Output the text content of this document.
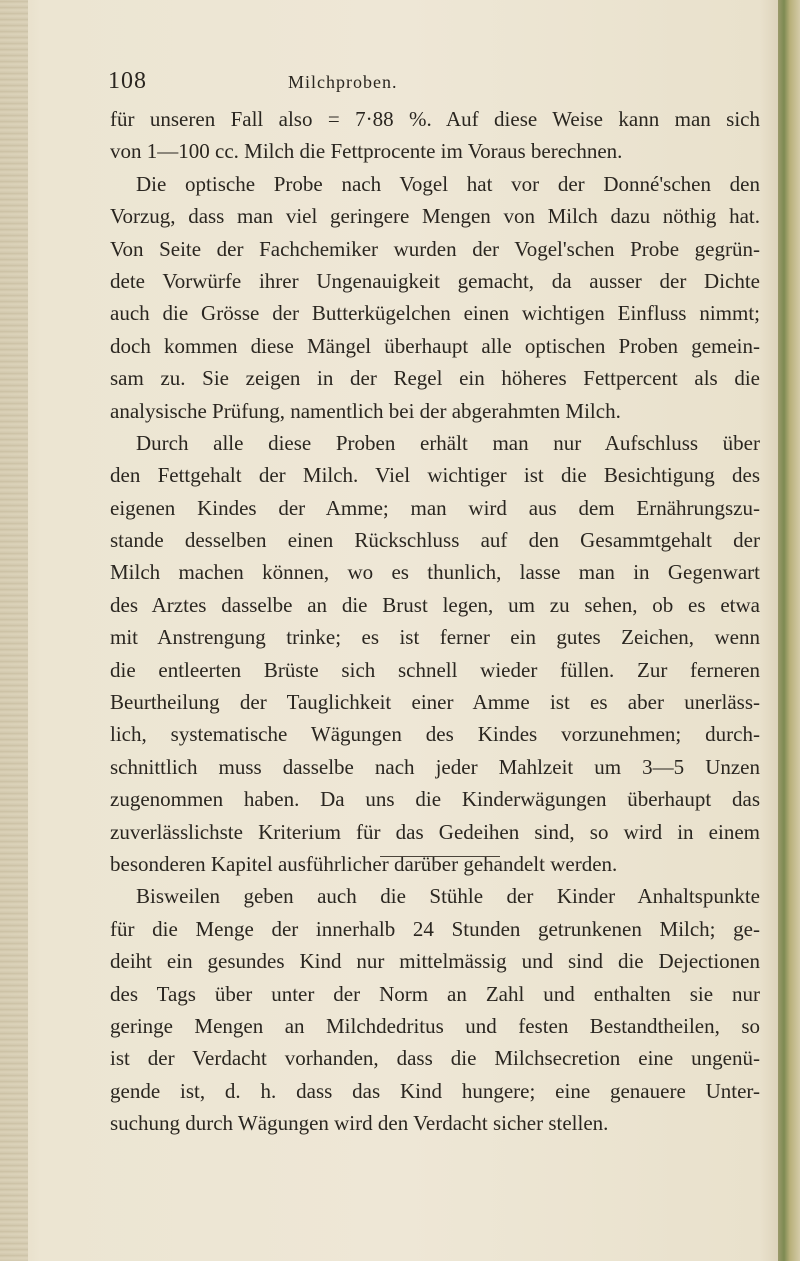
108	Milchproben.
für unseren Fall also = 7·88 %. Auf diese Weise kann man sich
von 1—100 cc. Milch die Fettprocente im Voraus berechnen.
Die optische Probe nach Vogel hat vor der Donné'schen den
Vorzug, dass man viel geringere Mengen von Milch dazu nöthig hat.
Von Seite der Fachchemiker wurden der Vogel'schen Probe gegrün-
dete Vorwürfe ihrer Ungenauigkeit gemacht, da ausser der Dichte
auch die Grösse der Butterkügelchen einen wichtigen Einfluss nimmt;
doch kommen diese Mängel überhaupt alle optischen Proben gemein-
sam zu. Sie zeigen in der Regel ein höheres Fettpercent als die
analysische Prüfung, namentlich bei der abgerahmten Milch.
Durch alle diese Proben erhält man nur Aufschluss über
den Fettgehalt der Milch. Viel wichtiger ist die Besichtigung des
eigenen Kindes der Amme; man wird aus dem Ernährungszu-
stande desselben einen Rückschluss auf den Gesammtgehalt der
Milch machen können, wo es thunlich, lasse man in Gegenwart
des Arztes dasselbe an die Brust legen, um zu sehen, ob es etwa
mit Anstrengung trinke; es ist ferner ein gutes Zeichen, wenn
die entleerten Brüste sich schnell wieder füllen. Zur ferneren
Beurtheilung der Tauglichkeit einer Amme ist es aber unerläss-
lich, systematische Wägungen des Kindes vorzunehmen; durch-
schnittlich muss dasselbe nach jeder Mahlzeit um 3—5 Unzen
zugenommen haben. Da uns die Kinderwägungen überhaupt das
zuverlässlichste Kriterium für das Gedeihen sind, so wird in einem
besonderen Kapitel ausführlicher darüber gehandelt werden.
Bisweilen geben auch die Stühle der Kinder Anhaltspunkte
für die Menge der innerhalb 24 Stunden getrunkenen Milch; ge-
deiht ein gesundes Kind nur mittelmässig und sind die Dejectionen
des Tags über unter der Norm an Zahl und enthalten sie nur
geringe Mengen an Milchdedritus und festen Bestandtheilen, so
ist der Verdacht vorhanden, dass die Milchsecretion eine ungenü-
gende ist, d. h. dass das Kind hungere; eine genauere Unter-
suchung durch Wägungen wird den Verdacht sicher stellen.
